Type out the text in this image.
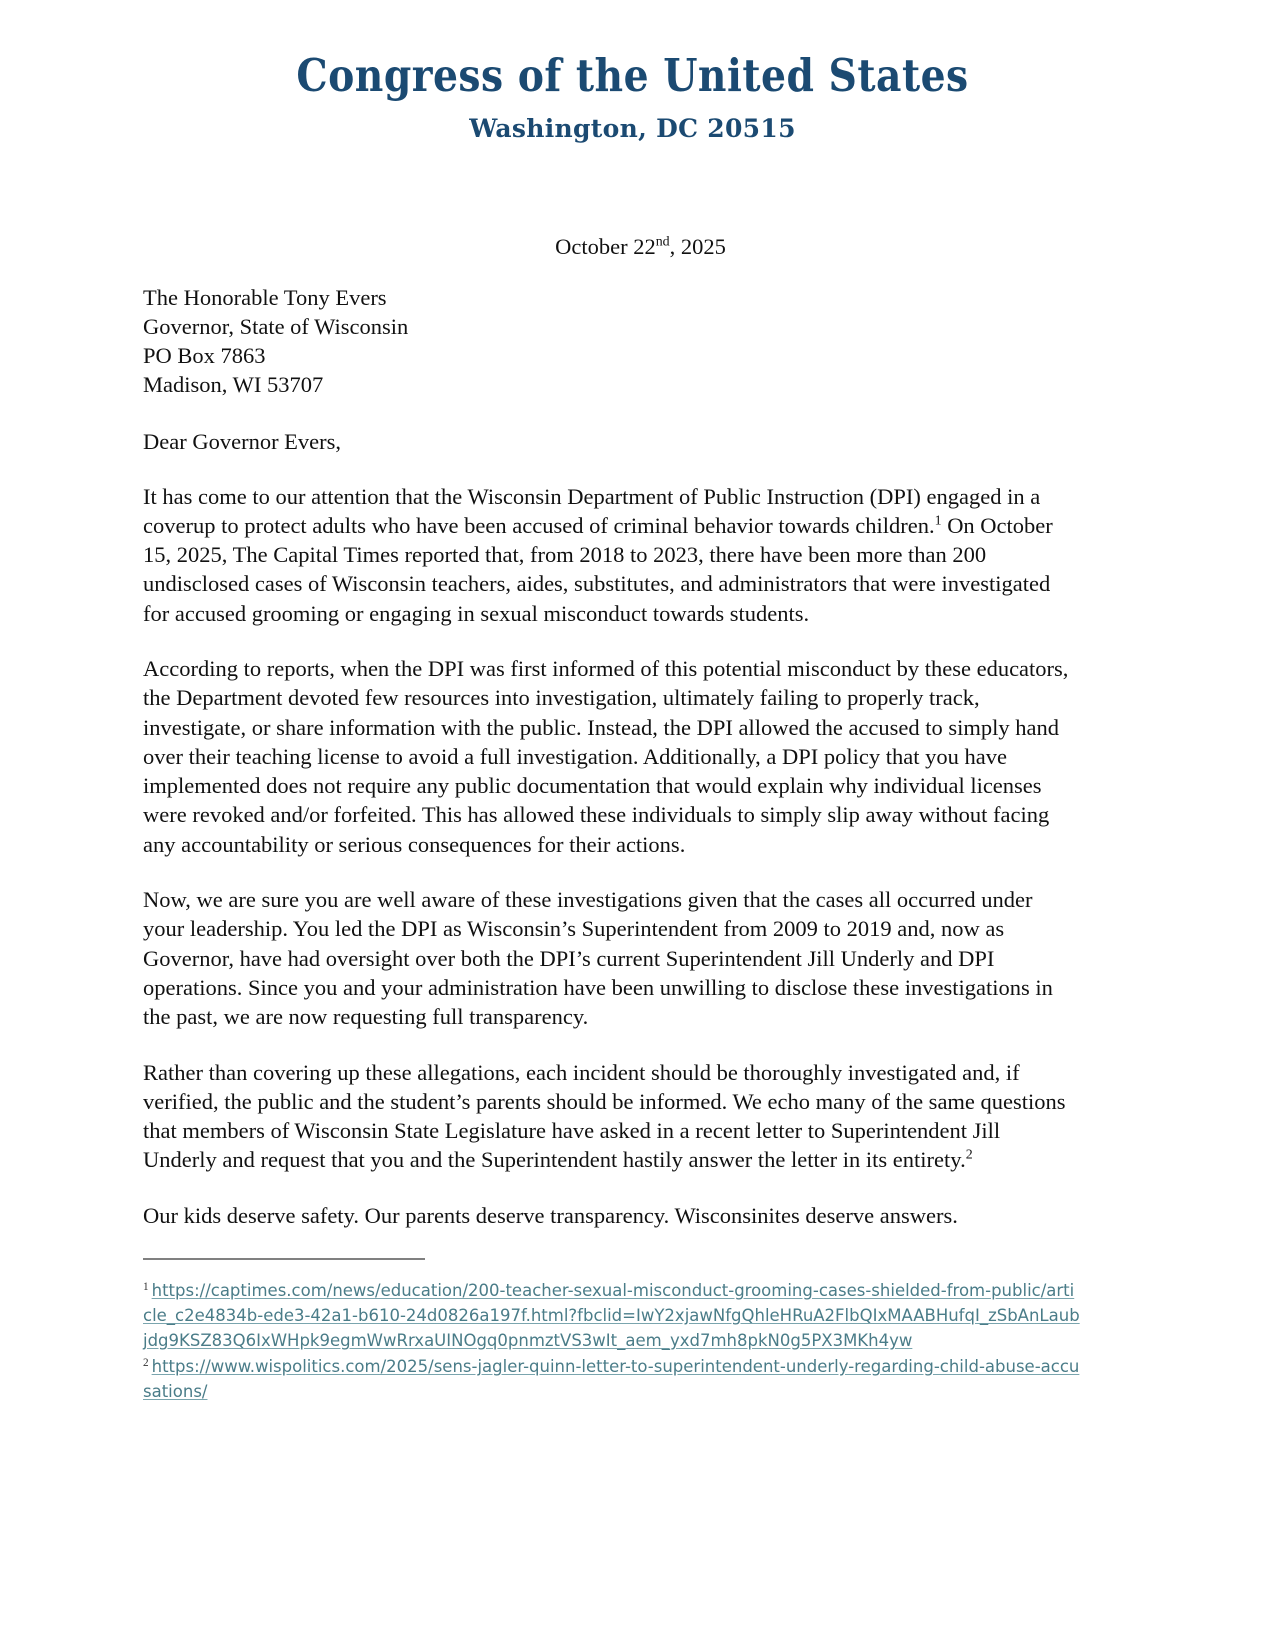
Congress of the United States
Washington, DC 20515
October 22nd, 2025
The Honorable Tony Evers
Governor, State of Wisconsin
PO Box 7863
Madison, WI 53707
Dear Governor Evers,

It has come to our attention that the Wisconsin Department of Public Instruction (DPI) engaged in a coverup to protect adults who have been accused of criminal behavior towards children.$^1$ On October 15, 2025, The Capital Times reported that, from 2018 to 2023, there have been more than 200 undisclosed cases of Wisconsin teachers, aides, substitutes, and administrators that were investigated for accused grooming or engaging in sexual misconduct towards students.

According to reports, when the DPI was first informed of this potential misconduct by these educators, the Department devoted few resources into investigation, ultimately failing to properly track, investigate, or share information with the public. Instead, the DPI allowed the accused to simply hand over their teaching license to avoid a full investigation. Additionally, a DPI policy that you have implemented does not require any public documentation that would explain why individual licenses were revoked and/or forfeited. This has allowed these individuals to simply slip away without facing any accountability or serious consequences for their actions.

Now, we are sure you are well aware of these investigations given that the cases all occurred under your leadership. You led the DPI as Wisconsin’s Superintendent from 2009 to 2019 and, now as Governor, have had oversight over both the DPI’s current Superintendent Jill Underly and DPI operations. Since you and your administration have been unwilling to disclose these investigations in the past, we are now requesting full transparency.

Rather than covering up these allegations, each incident should be thoroughly investigated and, if verified, the public and the student’s parents should be informed. We echo many of the same questions that members of Wisconsin State Legislature have asked in a recent letter to Superintendent Jill Underly and request that you and the Superintendent hastily answer the letter in its entirety.$^2$

Our kids deserve safety. Our parents deserve transparency. Wisconsinites deserve answers.

$^1$ https://captimes.com/news/education/200-teacher-sexual-misconduct-grooming-cases-shielded-from-public/article_c2e4834b-ede3-42a1-b610-24d0826a197f.html?fbclid=IwY2xjawNfgQhleHRuA2FlbQIxMAABHufqI_zSbAnLaubjdg9KSZ83Q6IxWHpk9egmWwRrxaUINOgq0pnmztVS3wIt_aem_yxd7mh8pkN0g5PX3MKh4yw
$^2$ https://www.wispolitics.com/2025/sens-jagler-quinn-letter-to-superintendent-underly-regarding-child-abuse-accusations/
